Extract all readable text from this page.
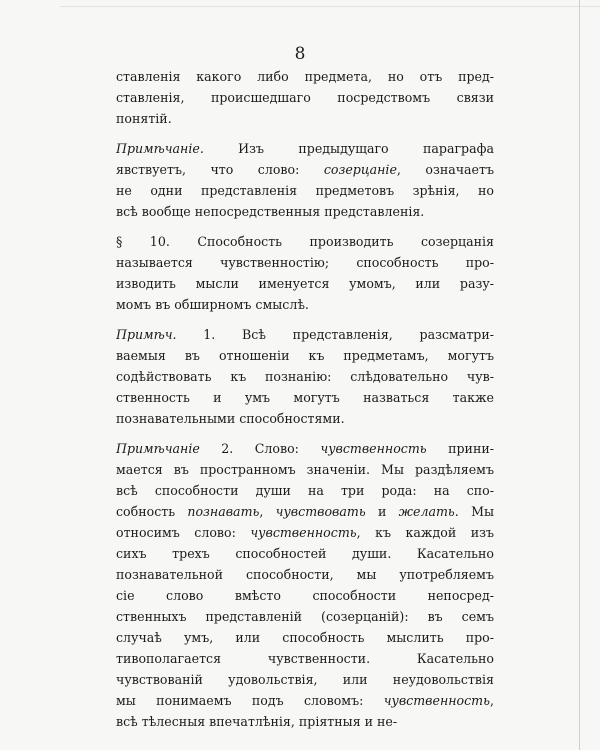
8
ставленія какого либо предмета, но отъ пред-
ставленія, происшедшаго посредствомъ связи
понятій.
Примѣчаніе. Изъ предыдущаго параграфа
явствуетъ, что слово: созерцаніе, означаетъ
не одни представленія предметовъ зрѣнія, но
всѣ вообще непосредственныя представленія.
§ 10. Способность производить созерцанія
называется чувственностію; способность про-
изводить мысли именуется умомъ, или разу-
момъ въ обширномъ смыслѣ.
Примѣч. 1. Всѣ представленія, разсматри-
ваемыя въ отношеніи къ предметамъ, могутъ
содѣйствовать къ познанію: слѣдовательно чув-
ственность и умъ могутъ назваться также
познавательными способностями.
Примѣчаніе 2. Слово: чувственность прини-
мается въ пространномъ значеніи. Мы раздѣляемъ
всѣ способности души на три рода: на спо-
собность познавать, чувствовать и желать. Мы
относимъ слово: чувственность, къ каждой изъ
сихъ трехъ способностей души. Касательно
познавательной способности, мы употребляемъ
сіе слово вмѣсто способности непосред-
ственныхъ представленій (созерцаній): въ семъ
случаѣ умъ, или способность мыслить про-
тивополагается чувственности. Касательно
чувствованій удовольствія, или неудовольствія
мы понимаемъ подъ словомъ: чувственность,
всѣ тѣлесныя впечатлѣнія, пріятныя и не-
